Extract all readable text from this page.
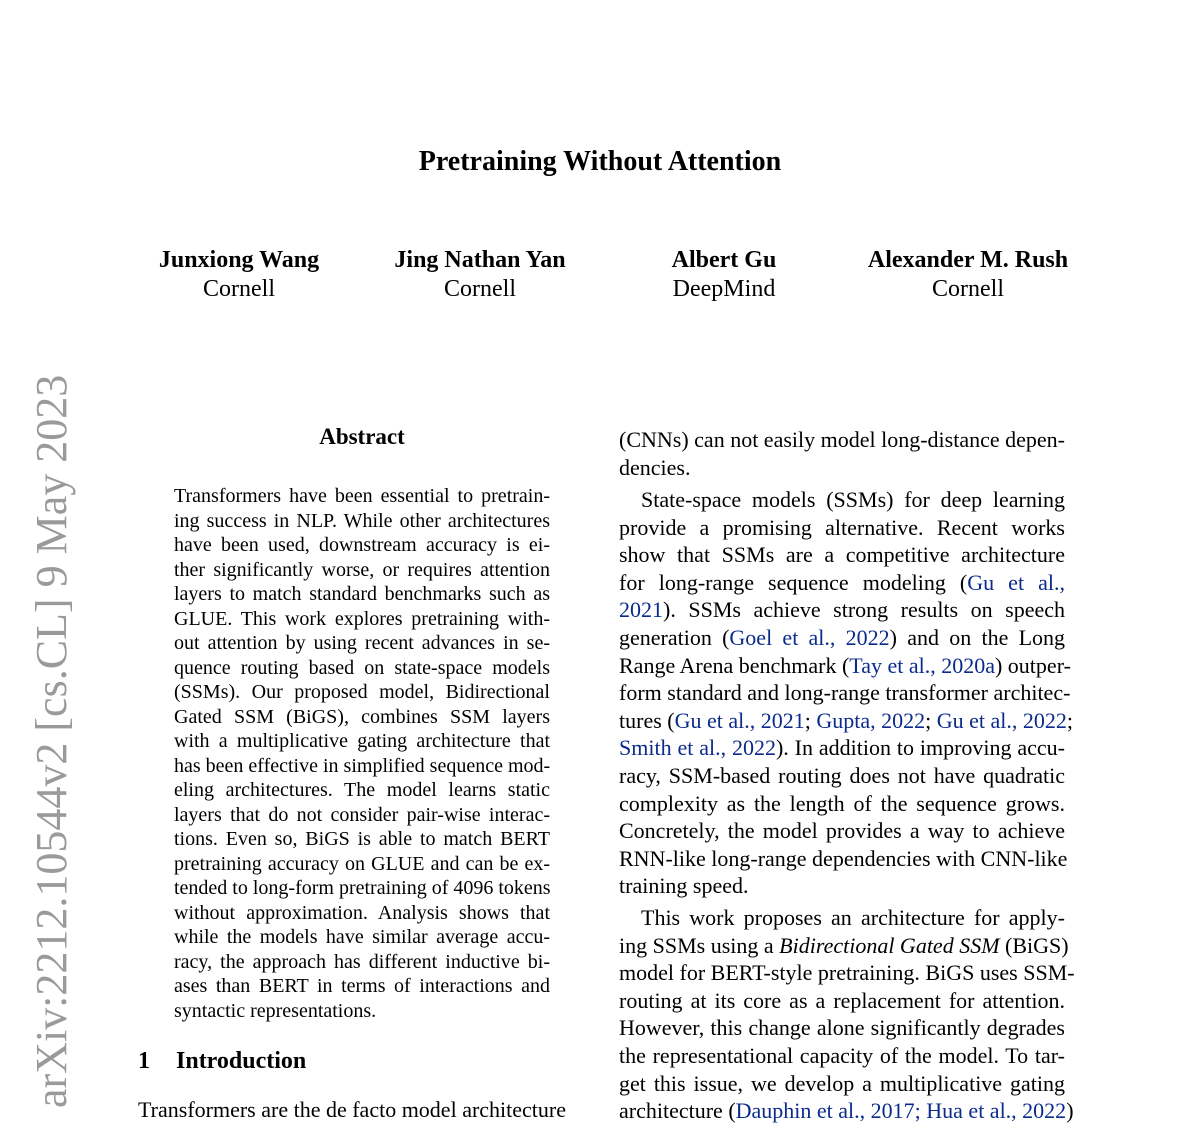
arXiv:2212.10544v2 [cs.CL] 9 May 2023
Pretraining Without Attention
Junxiong Wang
Cornell
Jing Nathan Yan
Cornell
Albert Gu
DeepMind
Alexander M. Rush
Cornell
Abstract
Transformers have been essential to pretrain-
ing success in NLP. While other architectures
have been used, downstream accuracy is ei-
ther significantly worse, or requires attention
layers to match standard benchmarks such as
GLUE. This work explores pretraining with-
out attention by using recent advances in se-
quence routing based on state-space models
(SSMs). Our proposed model, Bidirectional
Gated SSM (BiGS), combines SSM layers
with a multiplicative gating architecture that
has been effective in simplified sequence mod-
eling architectures. The model learns static
layers that do not consider pair-wise interac-
tions. Even so, BiGS is able to match BERT
pretraining accuracy on GLUE and can be ex-
tended to long-form pretraining of 4096 tokens
without approximation. Analysis shows that
while the models have similar average accu-
racy, the approach has different inductive bi-
ases than BERT in terms of interactions and
syntactic representations.
1 Introduction
Transformers are the de facto model architecture
(CNNs) can not easily model long-distance depen-
dencies.
State-space models (SSMs) for deep learning
provide a promising alternative. Recent works
show that SSMs are a competitive architecture
for long-range sequence modeling (Gu et al.,
2021). SSMs achieve strong results on speech
generation (Goel et al., 2022) and on the Long
Range Arena benchmark (Tay et al., 2020a) outper-
form standard and long-range transformer architec-
tures (Gu et al., 2021; Gupta, 2022; Gu et al., 2022;
Smith et al., 2022). In addition to improving accu-
racy, SSM-based routing does not have quadratic
complexity as the length of the sequence grows.
Concretely, the model provides a way to achieve
RNN-like long-range dependencies with CNN-like
training speed.
This work proposes an architecture for apply-
ing SSMs using a Bidirectional Gated SSM (BiGS)
model for BERT-style pretraining. BiGS uses SSM-
routing at its core as a replacement for attention.
However, this change alone significantly degrades
the representational capacity of the model. To tar-
get this issue, we develop a multiplicative gating
architecture (Dauphin et al., 2017; Hua et al., 2022)
